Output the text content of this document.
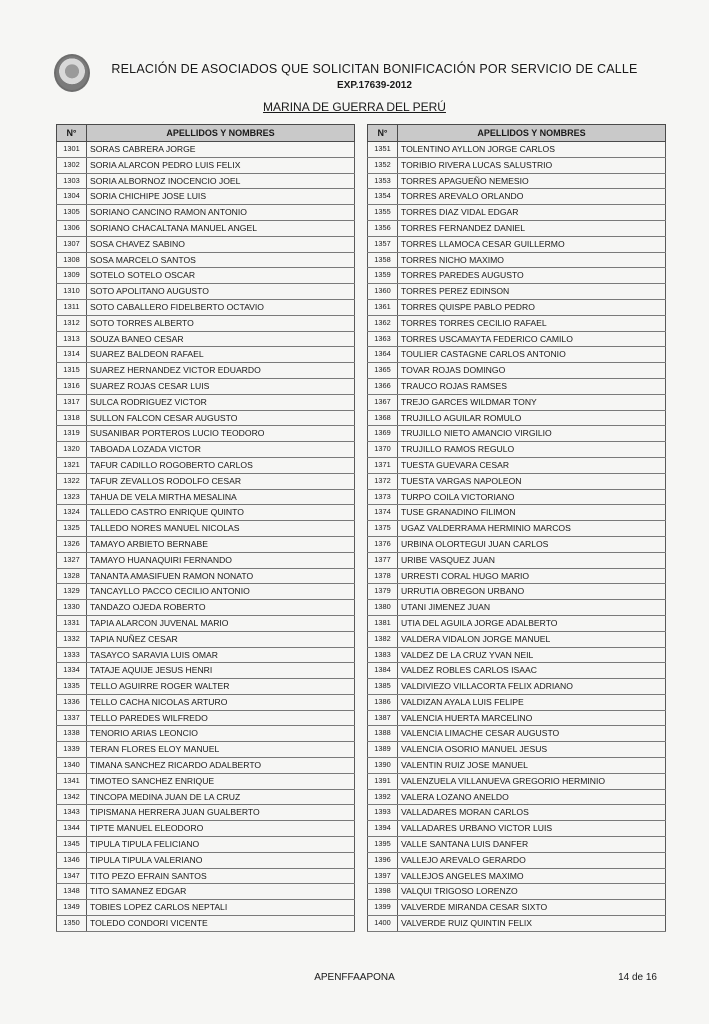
RELACIÓN DE ASOCIADOS QUE SOLICITAN BONIFICACIÓN POR SERVICIO DE CALLE
EXP.17639-2012
MARINA DE GUERRA DEL PERÚ
N°	APELLIDOS Y NOMBRES
1301	SORAS CABRERA JORGE
1302	SORIA ALARCON PEDRO LUIS FELIX
1303	SORIA ALBORNOZ INOCENCIO JOEL
1304	SORIA CHICHIPE JOSE LUIS
1305	SORIANO CANCINO RAMON ANTONIO
1306	SORIANO CHACALTANA MANUEL ANGEL
1307	SOSA CHAVEZ SABINO
1308	SOSA MARCELO SANTOS
1309	SOTELO SOTELO OSCAR
1310	SOTO APOLITANO AUGUSTO
1311	SOTO CABALLERO FIDELBERTO OCTAVIO
1312	SOTO TORRES ALBERTO
1313	SOUZA BANEO CESAR
1314	SUAREZ BALDEON RAFAEL
1315	SUAREZ HERNANDEZ VICTOR EDUARDO
1316	SUAREZ ROJAS CESAR LUIS
1317	SULCA RODRIGUEZ VICTOR
1318	SULLON FALCON CESAR AUGUSTO
1319	SUSANIBAR PORTEROS LUCIO TEODORO
1320	TABOADA LOZADA VICTOR
1321	TAFUR CADILLO ROGOBERTO CARLOS
1322	TAFUR ZEVALLOS RODOLFO CESAR
1323	TAHUA DE VELA MIRTHA MESALINA
1324	TALLEDO CASTRO ENRIQUE QUINTO
1325	TALLEDO NORES MANUEL NICOLAS
1326	TAMAYO ARBIETO BERNABE
1327	TAMAYO HUANAQUIRI FERNANDO
1328	TANANTA AMASIFUEN RAMON NONATO
1329	TANCAYLLO PACCO CECILIO ANTONIO
1330	TANDAZO OJEDA ROBERTO
1331	TAPIA ALARCON JUVENAL MARIO
1332	TAPIA NUÑEZ CESAR
1333	TASAYCO SARAVIA LUIS OMAR
1334	TATAJE AQUIJE JESUS HENRI
1335	TELLO AGUIRRE ROGER WALTER
1336	TELLO CACHA NICOLAS ARTURO
1337	TELLO PAREDES WILFREDO
1338	TENORIO ARIAS LEONCIO
1339	TERAN FLORES ELOY MANUEL
1340	TIMANA SANCHEZ RICARDO ADALBERTO
1341	TIMOTEO SANCHEZ ENRIQUE
1342	TINCOPA MEDINA JUAN DE LA CRUZ
1343	TIPISMANA HERRERA JUAN GUALBERTO
1344	TIPTE MANUEL ELEODORO
1345	TIPULA TIPULA FELICIANO
1346	TIPULA TIPULA VALERIANO
1347	TITO PEZO EFRAIN SANTOS
1348	TITO SAMANEZ EDGAR
1349	TOBIES LOPEZ CARLOS NEPTALI
1350	TOLEDO CONDORI VICENTE
N°	APELLIDOS Y NOMBRES
1351	TOLENTINO AYLLON JORGE CARLOS
1352	TORIBIO RIVERA LUCAS SALUSTRIO
1353	TORRES APAGUEÑO NEMESIO
1354	TORRES AREVALO ORLANDO
1355	TORRES DIAZ VIDAL EDGAR
1356	TORRES FERNANDEZ DANIEL
1357	TORRES LLAMOCA CESAR GUILLERMO
1358	TORRES NICHO MAXIMO
1359	TORRES PAREDES AUGUSTO
1360	TORRES PEREZ EDINSON
1361	TORRES QUISPE PABLO PEDRO
1362	TORRES TORRES CECILIO RAFAEL
1363	TORRES USCAMAYTA FEDERICO CAMILO
1364	TOULIER CASTAGNE CARLOS ANTONIO
1365	TOVAR ROJAS DOMINGO
1366	TRAUCO ROJAS RAMSES
1367	TREJO GARCES WILDMAR TONY
1368	TRUJILLO AGUILAR ROMULO
1369	TRUJILLO NIETO AMANCIO VIRGILIO
1370	TRUJILLO RAMOS REGULO
1371	TUESTA GUEVARA CESAR
1372	TUESTA VARGAS NAPOLEON
1373	TURPO COILA VICTORIANO
1374	TUSE GRANADINO FILIMON
1375	UGAZ VALDERRAMA HERMINIO MARCOS
1376	URBINA OLORTEGUI JUAN CARLOS
1377	URIBE VASQUEZ JUAN
1378	URRESTI CORAL HUGO MARIO
1379	URRUTIA OBREGON URBANO
1380	UTANI JIMENEZ JUAN
1381	UTIA DEL AGUILA JORGE ADALBERTO
1382	VALDERA VIDALON JORGE MANUEL
1383	VALDEZ DE LA CRUZ YVAN NEIL
1384	VALDEZ ROBLES CARLOS ISAAC
1385	VALDIVIEZO VILLACORTA FELIX ADRIANO
1386	VALDIZAN AYALA LUIS FELIPE
1387	VALENCIA HUERTA MARCELINO
1388	VALENCIA LIMACHE CESAR AUGUSTO
1389	VALENCIA OSORIO MANUEL JESUS
1390	VALENTIN RUIZ JOSE MANUEL
1391	VALENZUELA VILLANUEVA GREGORIO HERMINIO
1392	VALERA LOZANO ANELDO
1393	VALLADARES MORAN CARLOS
1394	VALLADARES URBANO VICTOR LUIS
1395	VALLE SANTANA LUIS DANFER
1396	VALLEJO AREVALO GERARDO
1397	VALLEJOS ANGELES MAXIMO
1398	VALQUI TRIGOSO LORENZO
1399	VALVERDE MIRANDA CESAR SIXTO
1400	VALVERDE RUIZ QUINTIN FELIX
APENFFAAPONA	14 de 16
